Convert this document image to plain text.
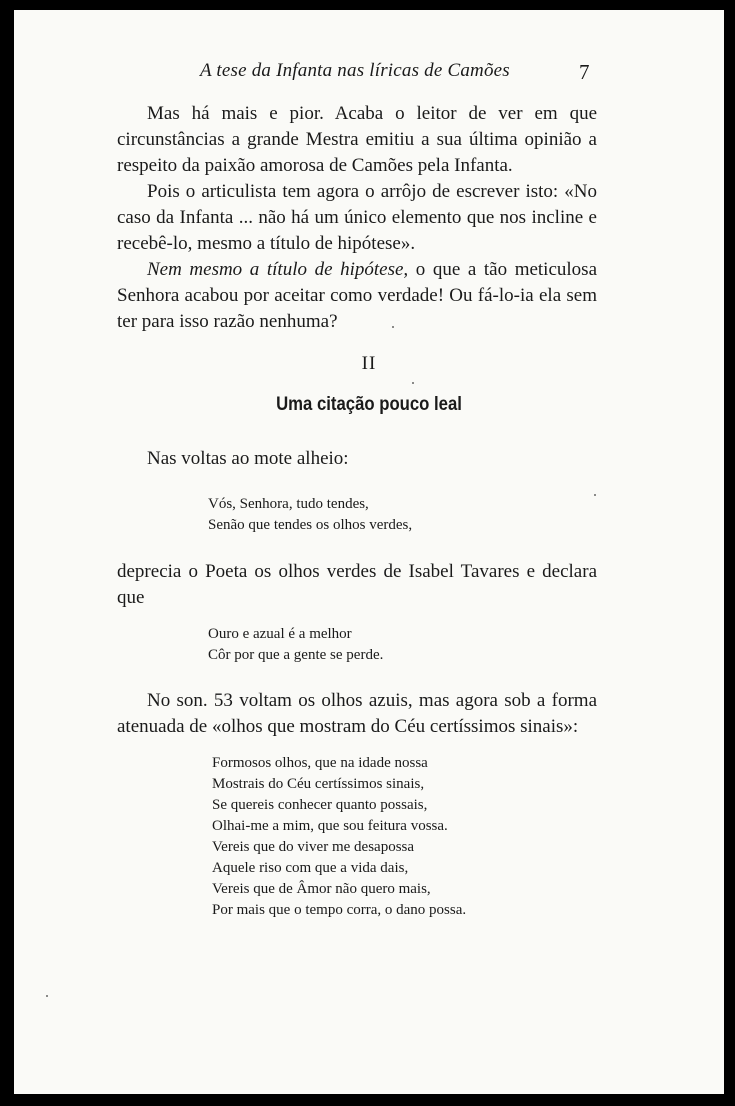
A tese da Infanta nas líricas de Camões	7

Mas há mais e pior. Acaba o leitor de ver em que circunstâncias a grande Mestra emitiu a sua última opinião a respeito da paixão amorosa de Camões pela Infanta.

Pois o articulista tem agora o arrôjo de escrever isto: «No caso da Infanta ... não há um único elemento que nos incline e recebê-lo, mesmo a título de hipótese».

Nem mesmo a título de hipótese, o que a tão meticulosa Senhora acabou por aceitar como verdade! Ou fá-lo-ia ela sem ter para isso razão nenhuma?

II
Uma citação pouco leal

Nas voltas ao mote alheio:

Vós, Senhora, tudo tendes,
Senão que tendes os olhos verdes,

deprecia o Poeta os olhos verdes de Isabel Tavares e declara que

Ouro e azual é a melhor
Côr por que a gente se perde.

No son. 53 voltam os olhos azuis, mas agora sob a forma atenuada de «olhos que mostram do Céu certíssimos sinais»:

Formosos olhos, que na idade nossa
Mostrais do Céu certíssimos sinais,
Se quereis conhecer quanto possais,
Olhai-me a mim, que sou feitura vossa.
Vereis que do viver me desapossa
Aquele riso com que a vida dais,
Vereis que de Âmor não quero mais,
Por mais que o tempo corra, o dano possa.
